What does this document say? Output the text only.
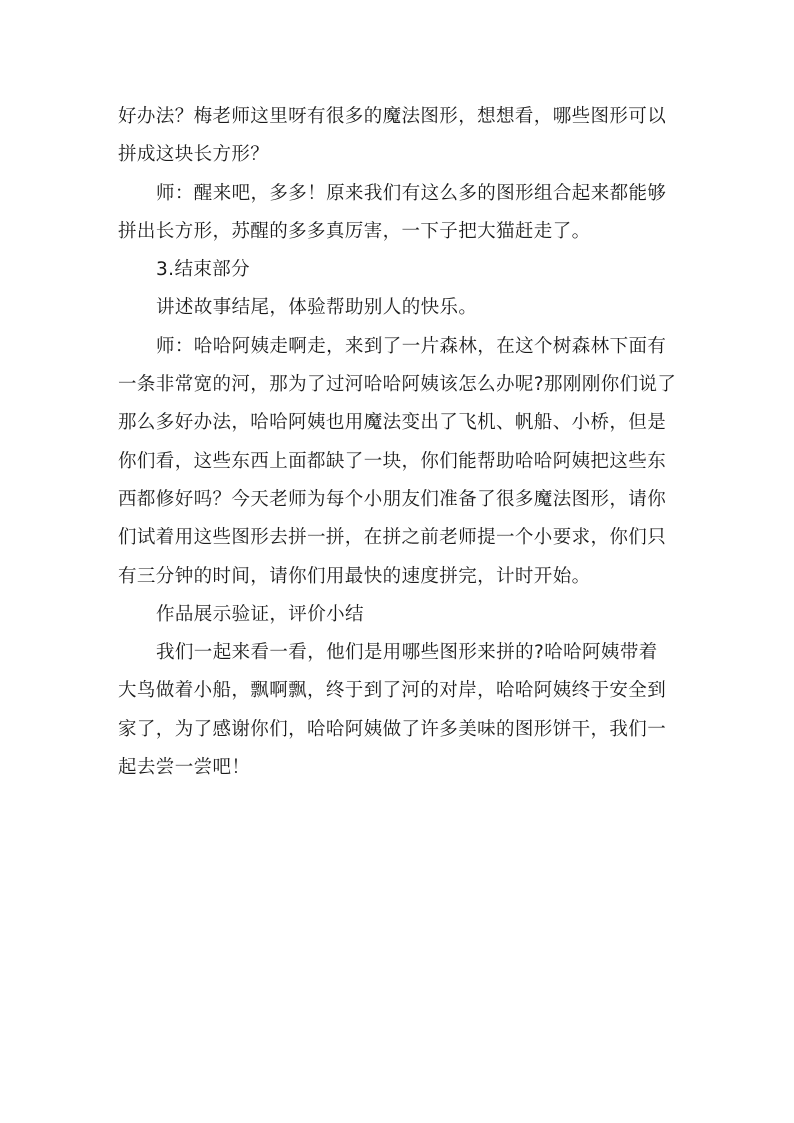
好办法？梅老师这里呀有很多的魔法图形，想想看，哪些图形可以
拼成这块长方形？
师：醒来吧，多多！原来我们有这么多的图形组合起来都能够
拼出长方形，苏醒的多多真厉害，一下子把大猫赶走了。
3.结束部分
讲述故事结尾，体验帮助别人的快乐。
师：哈哈阿姨走啊走，来到了一片森林，在这个树森林下面有
一条非常宽的河，那为了过河哈哈阿姨该怎么办呢?那刚刚你们说了
那么多好办法，哈哈阿姨也用魔法变出了飞机、帆船、小桥，但是
你们看，这些东西上面都缺了一块，你们能帮助哈哈阿姨把这些东
西都修好吗？今天老师为每个小朋友们准备了很多魔法图形，请你
们试着用这些图形去拼一拼，在拼之前老师提一个小要求，你们只
有三分钟的时间，请你们用最快的速度拼完，计时开始。
作品展示验证，评价小结
我们一起来看一看，他们是用哪些图形来拼的?哈哈阿姨带着
大鸟做着小船，飘啊飘，终于到了河的对岸，哈哈阿姨终于安全到
家了，为了感谢你们，哈哈阿姨做了许多美味的图形饼干，我们一
起去尝一尝吧！
